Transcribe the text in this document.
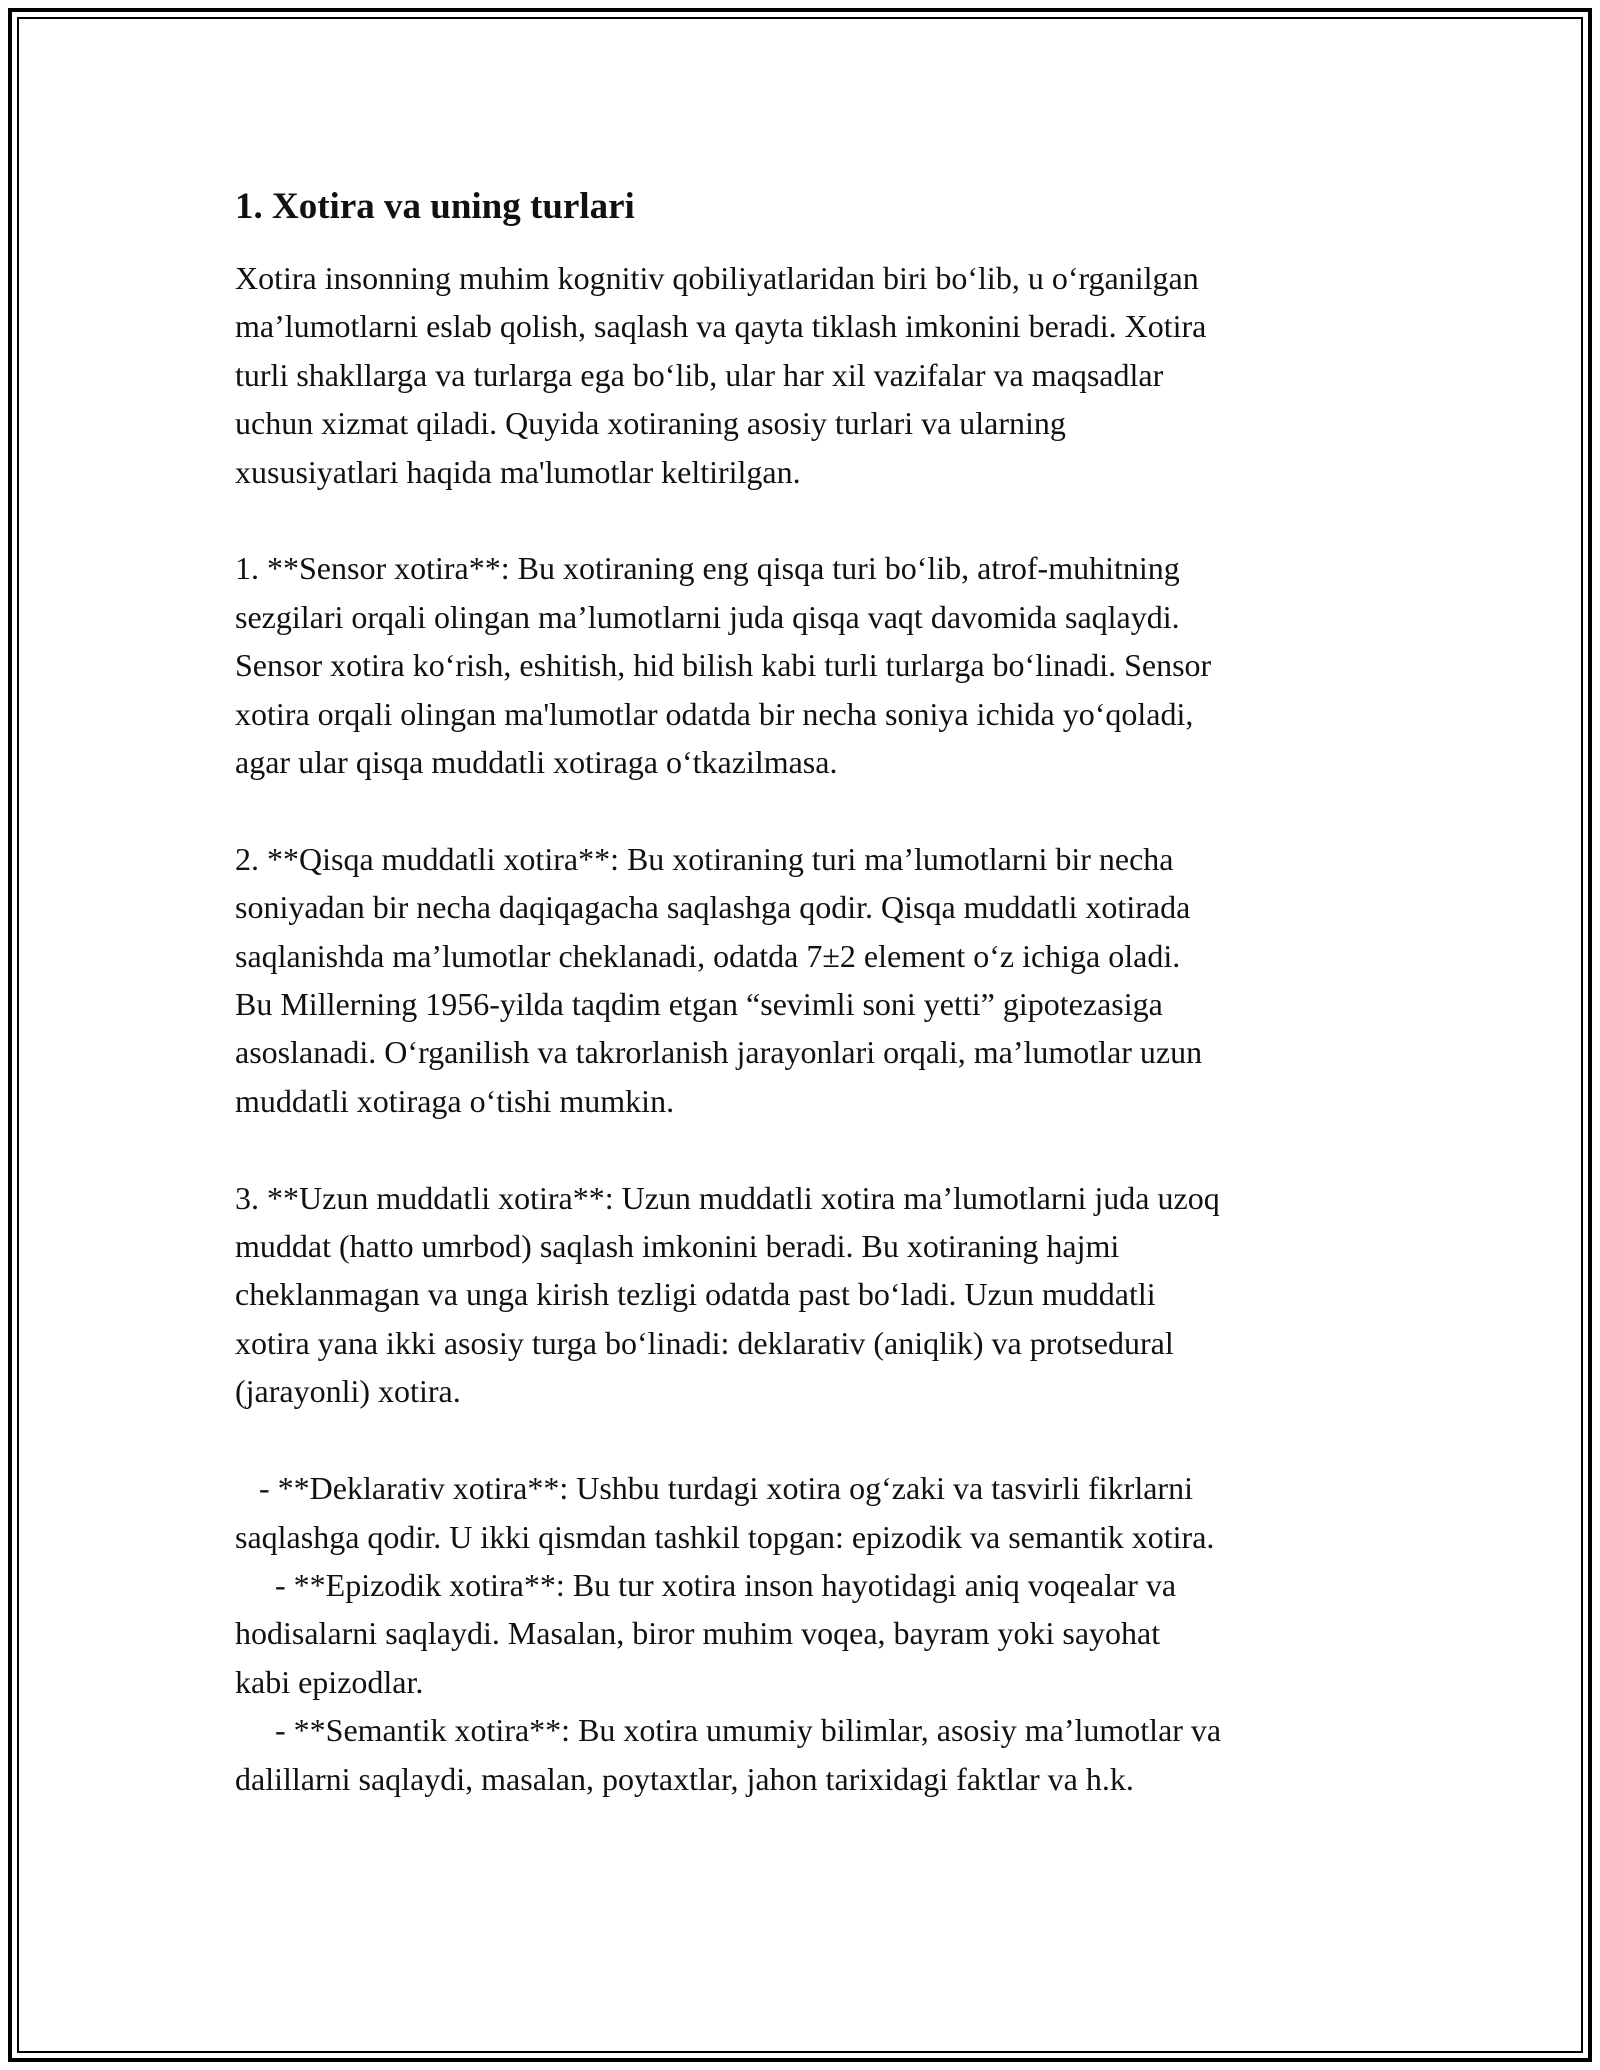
1. Xotira va uning turlari

Xotira insonning muhim kognitiv qobiliyatlaridan biri bo‘lib, u o‘rganilgan
ma’lumotlarni eslab qolish, saqlash va qayta tiklash imkonini beradi. Xotira
turli shakllarga va turlarga ega bo‘lib, ular har xil vazifalar va maqsadlar
uchun xizmat qiladi. Quyida xotiraning asosiy turlari va ularning
xususiyatlari haqida ma'lumotlar keltirilgan.

1. **Sensor xotira**: Bu xotiraning eng qisqa turi bo‘lib, atrof-muhitning
sezgilari orqali olingan ma’lumotlarni juda qisqa vaqt davomida saqlaydi.
Sensor xotira ko‘rish, eshitish, hid bilish kabi turli turlarga bo‘linadi. Sensor
xotira orqali olingan ma'lumotlar odatda bir necha soniya ichida yo‘qoladi,
agar ular qisqa muddatli xotiraga o‘tkazilmasa.

2. **Qisqa muddatli xotira**: Bu xotiraning turi ma’lumotlarni bir necha
soniyadan bir necha daqiqagacha saqlashga qodir. Qisqa muddatli xotirada
saqlanishda ma’lumotlar cheklanadi, odatda 7±2 element o‘z ichiga oladi.
Bu Millerning 1956-yilda taqdim etgan “sevimli soni yetti” gipotezasiga
asoslanadi. O‘rganilish va takrorlanish jarayonlari orqali, ma’lumotlar uzun
muddatli xotiraga o‘tishi mumkin.

3. **Uzun muddatli xotira**: Uzun muddatli xotira ma’lumotlarni juda uzoq
muddat (hatto umrbod) saqlash imkonini beradi. Bu xotiraning hajmi
cheklanmagan va unga kirish tezligi odatda past bo‘ladi. Uzun muddatli
xotira yana ikki asosiy turga bo‘linadi: deklarativ (aniqlik) va protsedural
(jarayonli) xotira.

- **Deklarativ xotira**: Ushbu turdagi xotira og‘zaki va tasvirli fikrlarni
saqlashga qodir. U ikki qismdan tashkil topgan: epizodik va semantik xotira.
- **Epizodik xotira**: Bu tur xotira inson hayotidagi aniq voqealar va
hodisalarni saqlaydi. Masalan, biror muhim voqea, bayram yoki sayohat
kabi epizodlar.
- **Semantik xotira**: Bu xotira umumiy bilimlar, asosiy ma’lumotlar va
dalillarni saqlaydi, masalan, poytaxtlar, jahon tarixidagi faktlar va h.k.
